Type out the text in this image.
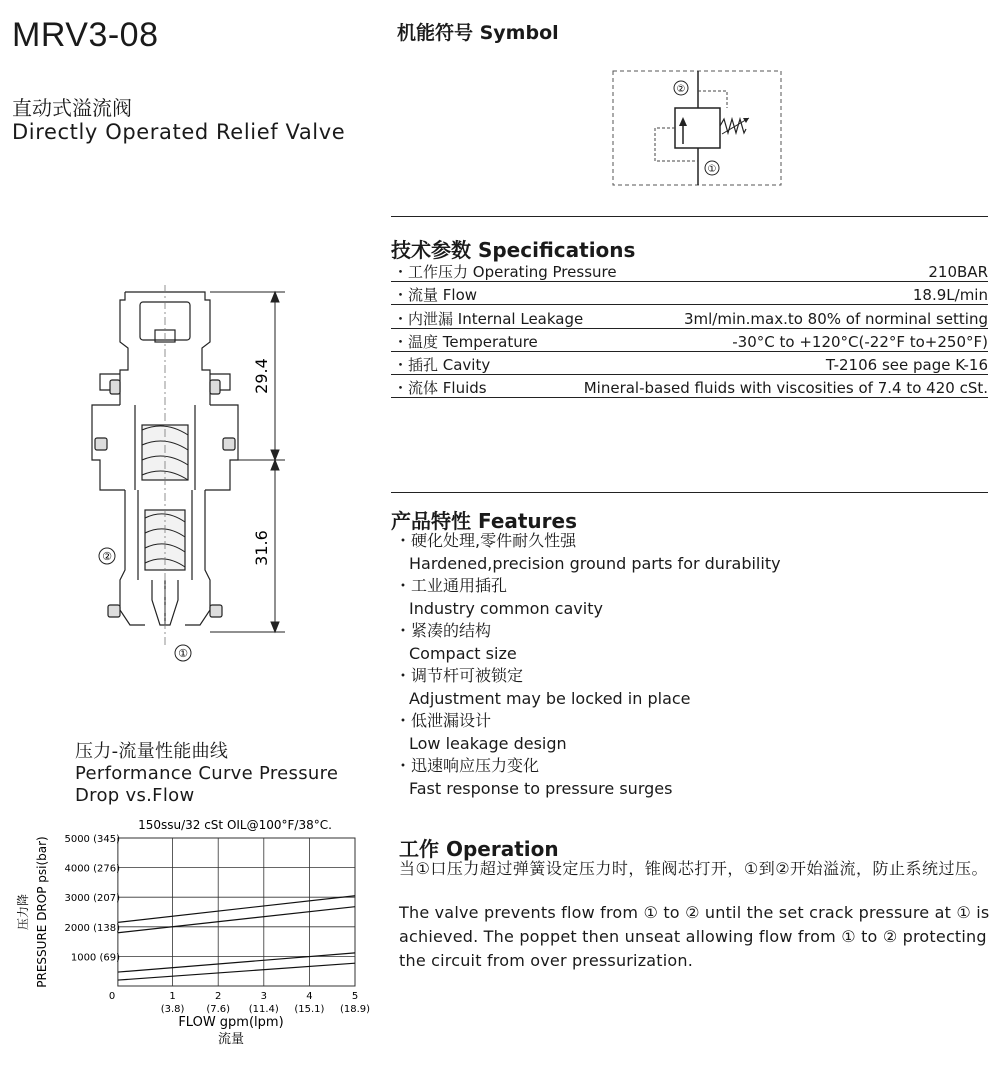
MRV3-08
直动式溢流阀
Directly Operated Relief Valve
机能符号 Symbol
②
①
技术参数 Specifications
・工作压力 Operating Pressure	210BAR
・流量 Flow	18.9L/min
・内泄漏 Internal Leakage	3ml/min.max.to 80% of norminal setting
・温度 Temperature	-30°C to +120°C(-22°F to+250°F)
・插孔 Cavity	T-2106 see page K-16
・流体 Fluids	Mineral-based fluids with viscosities of 7.4 to 420 cSt.
产品特性 Features
・硬化处理,零件耐久性强
Hardened,precision ground parts for durability
・工业通用插孔
Industry common cavity
・紧凑的结构
Compact size
・调节杆可被锁定
Adjustment may be locked in place
・低泄漏设计
Low leakage design
・迅速响应压力变化
Fast response to pressure surges
工作 Operation
当①口压力超过弹簧设定压力时，锥阀芯打开，①到②开始溢流，防止系统过压。
The valve prevents flow from ① to ② until the set crack pressure at ① is achieved. The poppet then unseat allowing flow from ① to ② protecting the circuit from over pressurization.
29.4
31.6
②
①
压力-流量性能曲线
Performance Curve Pressure
Drop vs.Flow
150ssu/32 cSt OIL@100°F/38°C.
1
(3.8)
2
(7.6)
3
(11.4)
4
(15.1)
5
(18.9)
1000 (69)
2000 (138)
3000 (207)
4000 (276)
5000 (345)
0
PRESSURE DROP psi(bar)
压力降
FLOW gpm(lpm)
流量
